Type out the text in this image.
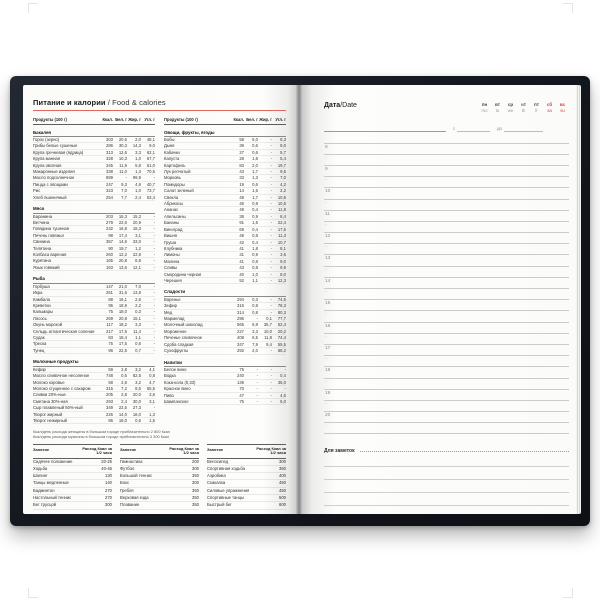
Питание и калории / Food & calories
Продукты (100 г)	Ккал. Бел. г Жир. г Угл. г
Бакалея
Горох (зерно)	303	20,5	2,0	48,1
Грибы белые сушеные	286	30,3	14,3	9,0
Крупа гречневая (ядрица)	313	12,6	3,3	62,1
Крупа манная	328	10,3	1,0	67,7
Крупа овсяная	345	11,9	5,8	61,0
Макаронные изделия	338	11,0	1,3	70,5
Масло подсолнечное	899	-	99,9	-
Пицца с овощами	247	9,3	4,9	40,7
Рис	323	7,0	1,0	73,7
Хлеб пшеничный	254	7,7	2,4	53,4
Мясо
Баранина	203	16,3	15,3	-
Ветчина	279	22,6	20,9	-
Говядина тушеная	232	16,8	18,3	-
Печень говяжья	98	17,4	3,1	-
Свинина	357	14,6	33,0	-
Телятина	90	19,7	1,2	-
Колбаса вареная	260	12,2	22,8	-
Курятина	165	20,8	8,8	-
Язык говяжий	163	13,6	12,1	-
Рыба
Горбуша	147	21,0	7,0	-
Икра	251	31,6	13,8	-
Камбала	88	16,1	2,6	-
Креветки	95	18,9	2,2	-
Кальмары	75	18,0	0,3	-
Лосось	269	20,8	15,1	-
Окунь морской	117	18,2	3,3	-
Сельдь атлантическая соленая	217	17,5	11,4	-
Судак	83	18,4	1,1	-
Треска	75	17,5	0,6	-
Тунец	96	22,5	0,7	-
Молочные продукты
Кефир	59	2,8	3,2	4,1
Масло сливочное несоленое	748	0,5	82,5	0,8
Молоко коровье	58	2,8	3,2	4,7
Молоко сгущенное с сахаром	315	7,2	8,5	55,5
Сливки 20%-ные	205	2,8	20,0	3,6
Сметана 30%-ная	293	2,4	30,0	3,1
Сыр плавленый 50%-ный	349	22,5	27,3	-
Творог жирный	226	14,0	18,0	1,3
Творог нежирный	86	18,0	0,6	1,5
Продукты (100 г)	Ккал. Бел. г Жир. г Угл. г
Овощи, фрукты, ягоды
Бобы	58	6,0	-	8,3
Дыня	39	0,6	-	9,0
Кабачки	27	0,6	-	5,7
Капуста	28	1,8	-	5,4
Картофель	83	2,0	-	19,7
Лук репчатый	43	1,7	-	9,5
Морковь	33	1,3	-	7,0
Помидоры	19	0,6	-	4,2
Салат зеленый	14	1,5	-	2,2
Свекла	48	1,7	-	10,8
Абрикосы	46	0,9	-	10,5
Ананас	48	0,4	-	11,8
Апельсины	38	0,9	-	8,4
Бананы	91	1,5	-	22,4
Виноград	69	0,4	-	17,5
Вишня	49	0,8	-	11,3
Груша	42	0,4	-	10,7
Клубника	41	1,8	-	8,1
Лимоны	31	0,9	-	3,6
Малина	41	0,8	-	9,0
Сливы	43	0,8	-	9,9
Смородина черная	40	1,0	-	8,0
Черешня	52	1,1	-	12,3
Сладости
Варенье	294	0,3	-	74,5
Зефир	316	0,8	-	78,3
Мед	314	0,8	-	80,3
Мармелад	296	-	0,1	77,7
Молочный шоколад	565	6,9	35,7	52,4
Мороженое	227	3,3	10,0	20,2
Печенье сливочное	408	6,5	11,8	74,4
Сдоба сладкая	347	7,9	9,4	55,5
Сухофрукты	292	2,0	-	68,2
Напитки
Белое вино	75	-	-	-
Водка	240	-	-	0,4
Кока-кола (0,33)	139	-	-	35,0
Красное вино	70	-	-	-
Пиво	47	-	-	4,6
Шампанское	75	-	-	5,0
Ккал/день расхода женщины в большом городе приблизительно 2 800 Ккал
Ккал/день расхода мужчины в большом городе приблизительно 3 300 Ккал
Занятие	Расход Ккал за 1/2 часа
Сидячее положение	20-25
Ходьба	40-45
Шопинг	130
Танцы медленные	140
Бадминтон	270
Настольный теннис	270
Бег трусцой	300
Занятие	Расход Ккал за 1/2 часа
Гимнастика	200
Футбол	300
Большой теннис	350
Бокс	300
Гребля	350
Верховая езда	350
Плавание	350
Занятие	Расход Ккал за 1/2 часа
Велосипед	300
Спортивная ходьба	350
Аэробика	400
Скакалка	450
Силовые упражнения	450
Спортивные танцы	500
Быстрый бег	600
Дата/Date	пн	вт	ср	чт	пт	сб	вс
mo	tu	we	th	fr	sa	su
с	до
8
·
9
·
10
·
11
·
12
·
13
·
14
·
15
·
16
·
17
·
18
·
19
·
20
·
Для заметок
